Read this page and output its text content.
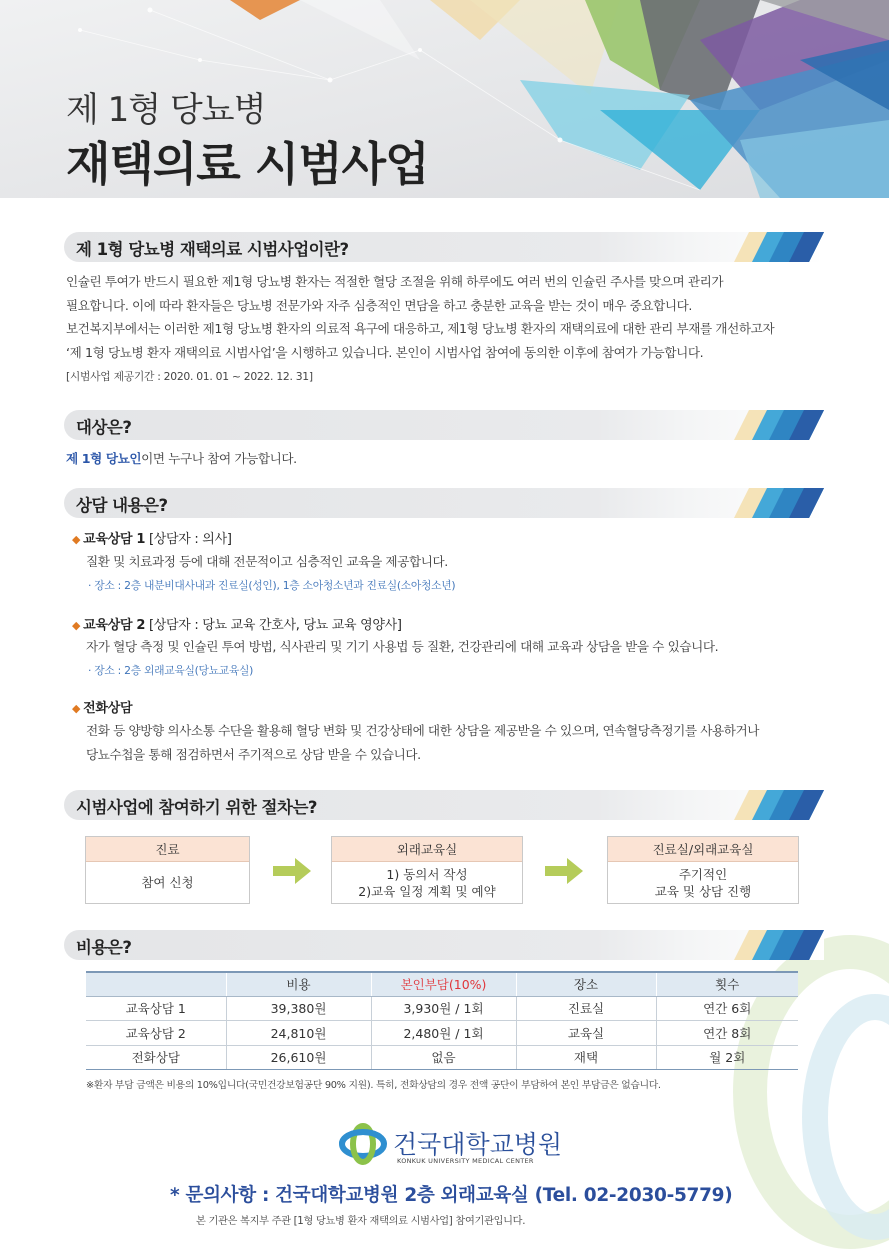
제 1형 당뇨병
재택의료 시범사업
제 1형 당뇨병 재택의료 시범사업이란?
인슐린 투여가 반드시 필요한 제1형 당뇨병 환자는 적절한 혈당 조절을 위해 하루에도 여러 번의 인슐린 주사를 맞으며 관리가
필요합니다. 이에 따라 환자들은 당뇨병 전문가와 자주 심층적인 면담을 하고 충분한 교육을 받는 것이 매우 중요합니다.
보건복지부에서는 이러한 제1형 당뇨병 환자의 의료적 욕구에 대응하고, 제1형 당뇨병 환자의 재택의료에 대한 관리 부재를 개선하고자
‘제 1형 당뇨병 환자 재택의료 시범사업’을 시행하고 있습니다. 본인이 시범사업 참여에 동의한 이후에 참여가 가능합니다.
[시범사업 제공기간 : 2020. 01. 01 ~ 2022. 12. 31]
대상은?
제 1형 당뇨인이면 누구나 참여 가능합니다.
상담 내용은?
◆ 교육상담 1 [상담자 : 의사]
질환 및 치료과정 등에 대해 전문적이고 심층적인 교육을 제공합니다.
· 장소 : 2층 내분비대사내과 진료실(성인), 1층 소아청소년과 진료실(소아청소년)
◆ 교육상담 2 [상담자 : 당뇨 교육 간호사, 당뇨 교육 영양사]
자가 혈당 측정 및 인슐린 투여 방법, 식사관리 및 기기 사용법 등 질환, 건강관리에 대해 교육과 상담을 받을 수 있습니다.
· 장소 : 2층 외래교육실(당뇨교육실)
◆ 전화상담
전화 등 양방향 의사소통 수단을 활용해 혈당 변화 및 건강상태에 대한 상담을 제공받을 수 있으며, 연속혈당측정기를 사용하거나
당뇨수첩을 통해 점검하면서 주기적으로 상담 받을 수 있습니다.
시범사업에 참여하기 위한 절차는?
진료
참여 신청
외래교육실
1) 동의서 작성
2)교육 일정 계획 및 예약
진료실/외래교육실
주기적인
교육 및 상담 진행
비용은?
	비용	본인부담(10%)	장소	횟수
교육상담 1	39,380원	3,930원 / 1회	진료실	연간 6회
교육상담 2	24,810원	2,480원 / 1회	교육실	연간 8회
전화상담	26,610원	없음	재택	월 2회
※환자 부담 금액은 비용의 10%입니다(국민건강보험공단 90% 지원). 특히, 전화상담의 경우 전액 공단이 부담하여 본인 부담금은 없습니다.
건국대학교병원
KONKUK UNIVERSITY MEDICAL CENTER
* 문의사항 : 건국대학교병원 2층 외래교육실 (Tel. 02-2030-5779)
본 기관은 복지부 주관 [1형 당뇨병 환자 재택의료 시범사업] 참여기관입니다.
